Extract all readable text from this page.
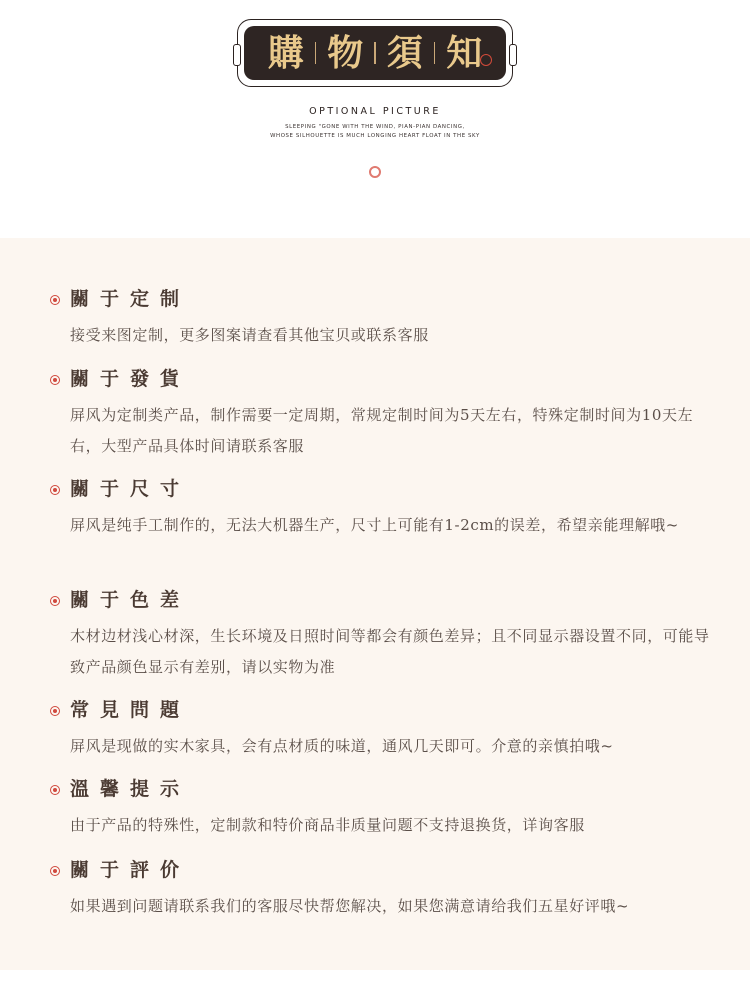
購 物 須 知
OPTIONAL PICTURE
SLEEPING "GONE WITH THE WIND, PIAN-PIAN DANCING,
WHOSE SILHOUETTE IS MUCH LONGING HEART FLOAT IN THE SKY
關于定制
接受来图定制，更多图案请查看其他宝贝或联系客服
關于發貨
屏风为定制类产品，制作需要一定周期，常规定制时间为5天左右，特殊定制时间为10天左右，大型产品具体时间请联系客服
關于尺寸
屏风是纯手工制作的，无法大机器生产，尺寸上可能有1-2cm的误差，希望亲能理解哦~
關于色差
木材边材浅心材深，生长环境及日照时间等都会有颜色差异；且不同显示器设置不同，可能导致产品颜色显示有差别，请以实物为准
常見問題
屏风是现做的实木家具，会有点材质的味道，通风几天即可。介意的亲慎拍哦~
溫馨提示
由于产品的特殊性，定制款和特价商品非质量问题不支持退换货，详询客服
關于評价
如果遇到问题请联系我们的客服尽快帮您解决，如果您满意请给我们五星好评哦~
